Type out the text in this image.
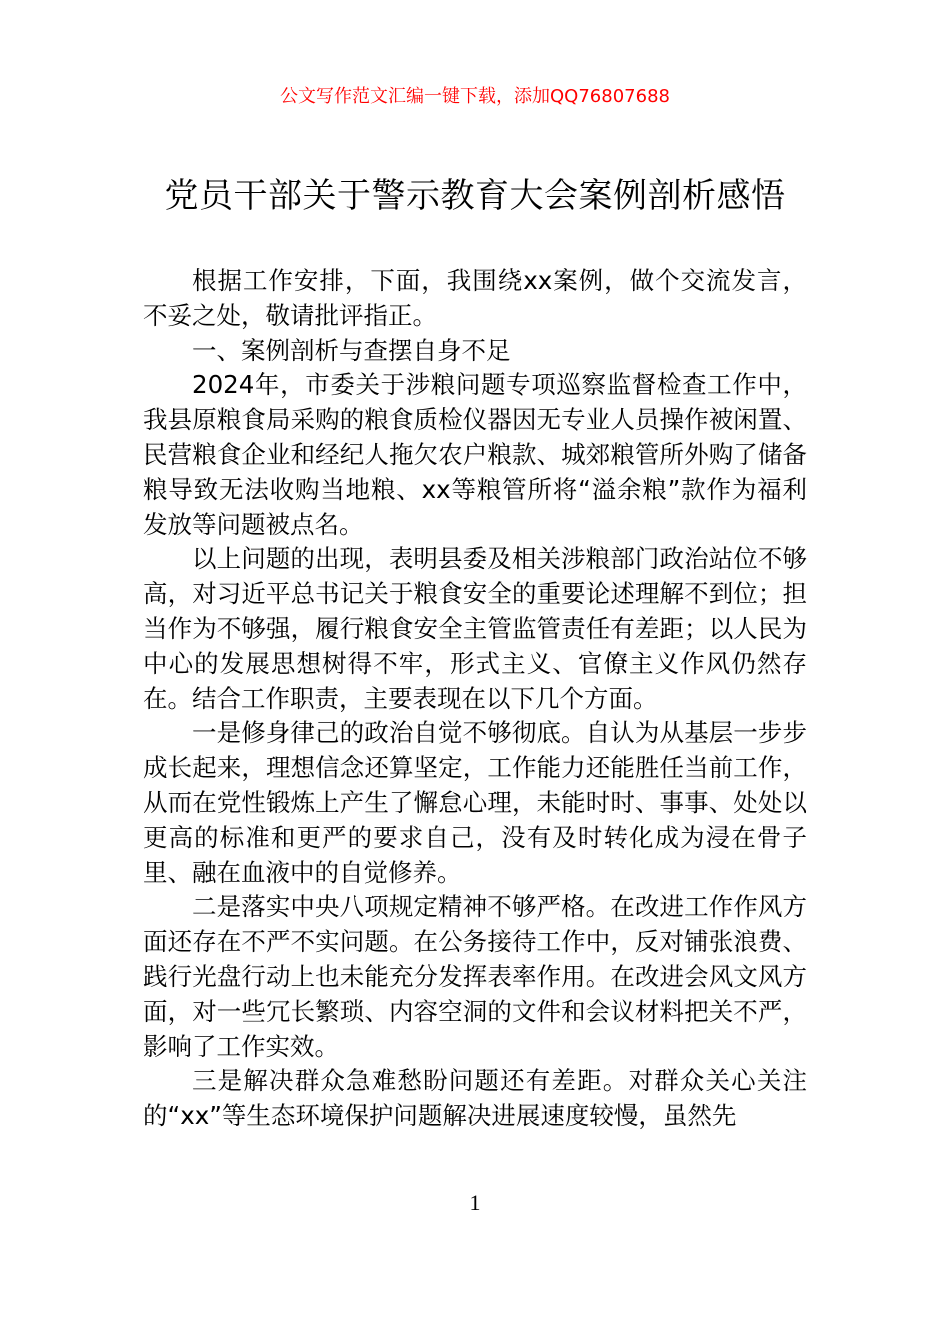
公文写作范文汇编一键下载，添加QQ76807688
党员干部关于警示教育大会案例剖析感悟

根据工作安排，下面，我围绕xx案例，做个交流发言，不妥之处，敬请批评指正。

一、案例剖析与查摆自身不足

2024年，市委关于涉粮问题专项巡察监督检查工作中，我县原粮食局采购的粮食质检仪器因无专业人员操作被闲置、民营粮食企业和经纪人拖欠农户粮款、城郊粮管所外购了储备粮导致无法收购当地粮、xx等粮管所将“溢余粮”款作为福利发放等问题被点名。

以上问题的出现，表明县委及相关涉粮部门政治站位不够高，对习近平总书记关于粮食安全的重要论述理解不到位；担当作为不够强，履行粮食安全主管监管责任有差距；以人民为中心的发展思想树得不牢，形式主义、官僚主义作风仍然存在。结合工作职责，主要表现在以下几个方面。

一是修身律己的政治自觉不够彻底。自认为从基层一步步成长起来，理想信念还算坚定，工作能力还能胜任当前工作，从而在党性锻炼上产生了懈怠心理，未能时时、事事、处处以更高的标准和更严的要求自己，没有及时转化成为浸在骨子里、融在血液中的自觉修养。

二是落实中央八项规定精神不够严格。在改进工作作风方面还存在不严不实问题。在公务接待工作中，反对铺张浪费、践行光盘行动上也未能充分发挥表率作用。在改进会风文风方面，对一些冗长繁琐、内容空洞的文件和会议材料把关不严，影响了工作实效。

三是解决群众急难愁盼问题还有差距。对群众关心关注的“xx”等生态环境保护问题解决进展速度较慢，虽然先

1
